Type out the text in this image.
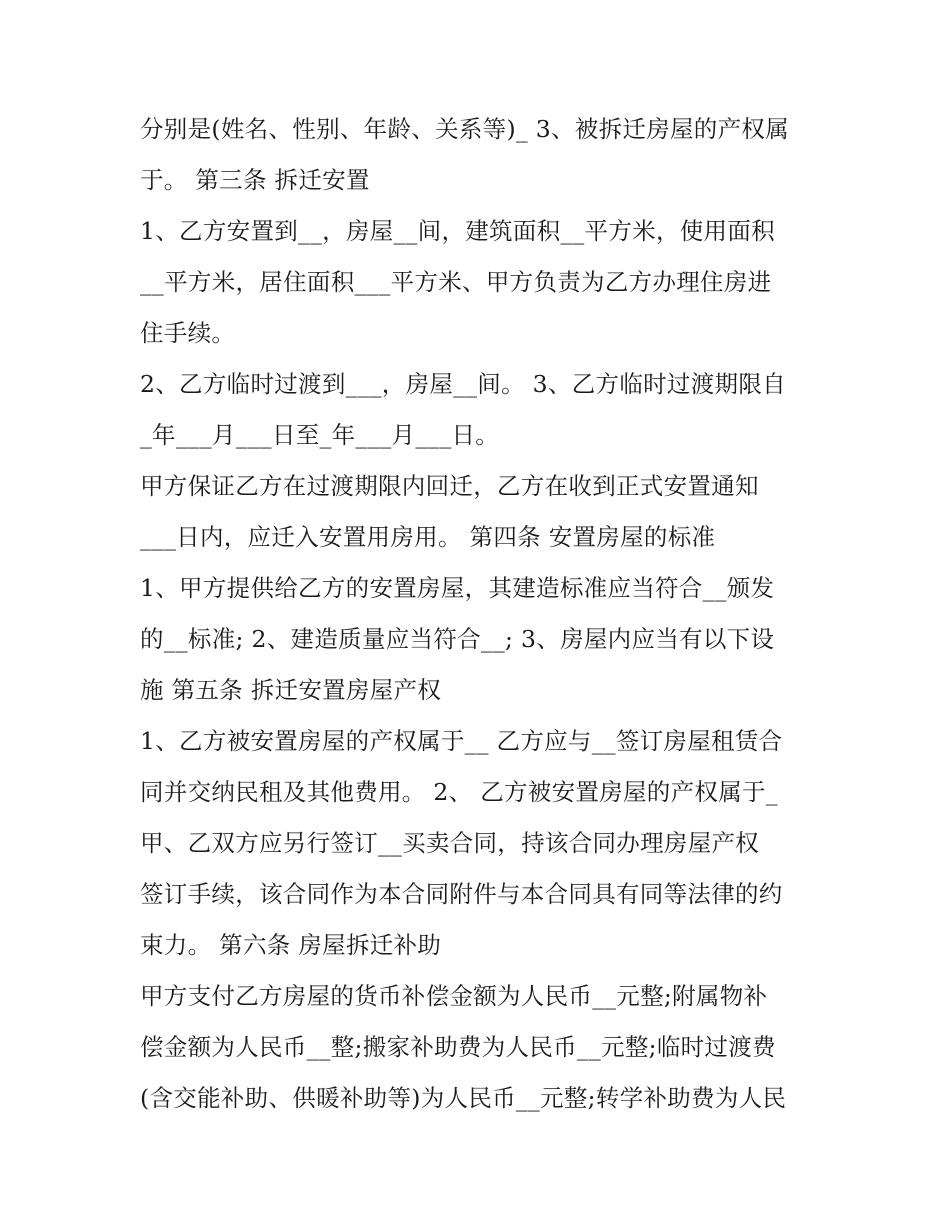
分别是(姓名、性别、年龄、关系等)_ 3、被拆迁房屋的产权属
于。 第三条 拆迁安置
1、乙方安置到__，房屋__间，建筑面积__平方米，使用面积
__平方米，居住面积___平方米、甲方负责为乙方办理住房进
住手续。
2、乙方临时过渡到___，房屋__间。 3、乙方临时过渡期限自
_年___月___日至_年___月___日。
甲方保证乙方在过渡期限内回迁，乙方在收到正式安置通知
___日内，应迁入安置用房用。 第四条 安置房屋的标准
1、甲方提供给乙方的安置房屋，其建造标准应当符合__颁发
的__标准; 2、建造质量应当符合__; 3、房屋内应当有以下设
施 第五条 拆迁安置房屋产权
1、乙方被安置房屋的产权属于__ 乙方应与__签订房屋租赁合
同并交纳民租及其他费用。 2、 乙方被安置房屋的产权属于_
甲、乙双方应另行签订__买卖合同，持该合同办理房屋产权
签订手续，该合同作为本合同附件与本合同具有同等法律的约
束力。 第六条 房屋拆迁补助
甲方支付乙方房屋的货币补偿金额为人民币__元整;附属物补
偿金额为人民币__整;搬家补助费为人民币__元整;临时过渡费
(含交能补助、供暖补助等)为人民币__元整;转学补助费为人民
